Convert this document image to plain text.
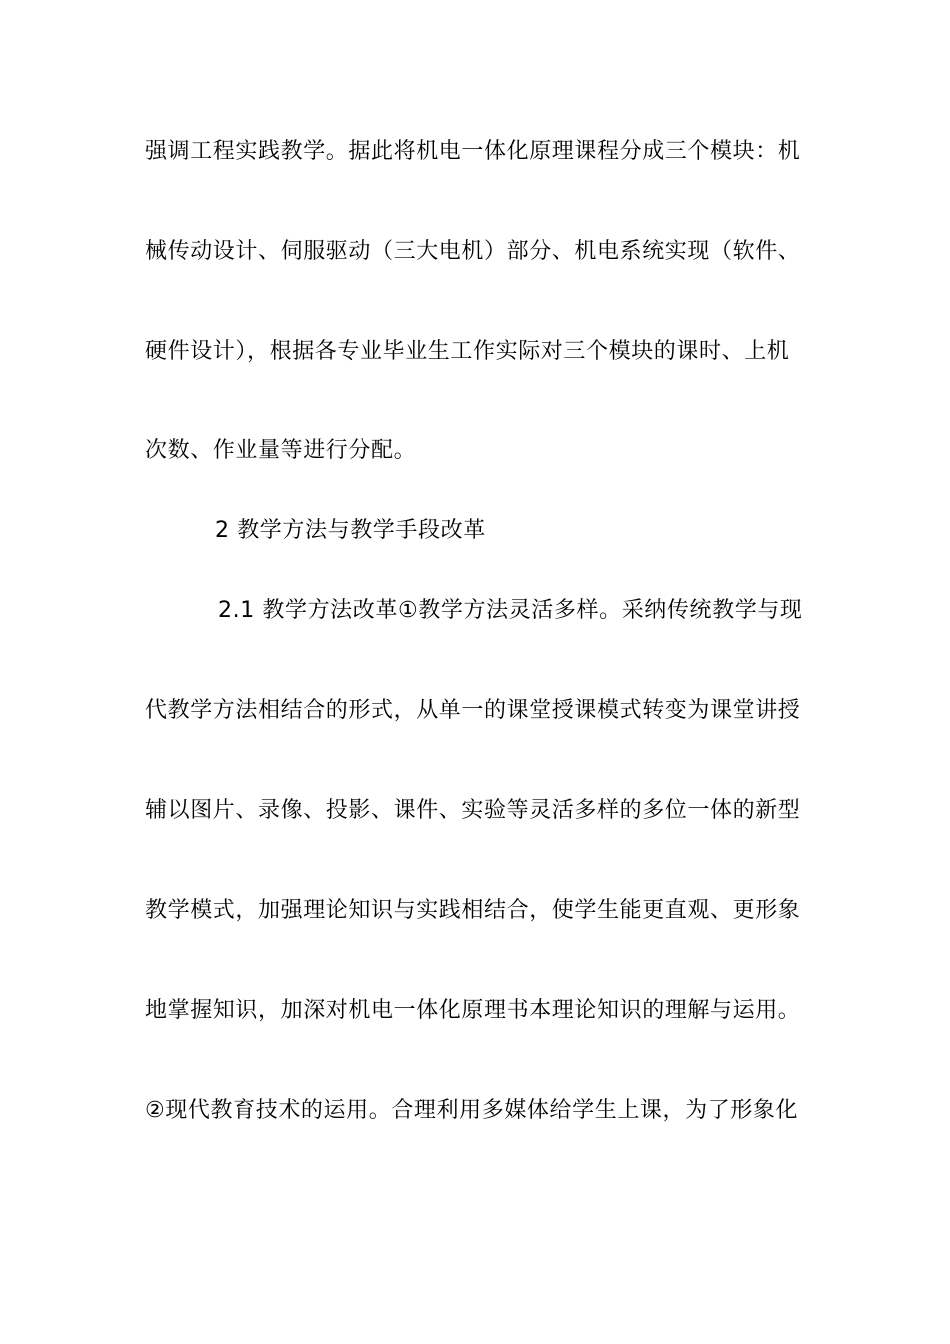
强调工程实践教学。据此将机电一体化原理课程分成三个模块：机
械传动设计、伺服驱动（三大电机）部分、机电系统实现（软件、
硬件设计），根据各专业毕业生工作实际对三个模块的课时、上机
次数、作业量等进行分配。
2 教学方法与教学手段改革
2.1 教学方法改革①教学方法灵活多样。采纳传统教学与现
代教学方法相结合的形式，从单一的课堂授课模式转变为课堂讲授
辅以图片、录像、投影、课件、实验等灵活多样的多位一体的新型
教学模式，加强理论知识与实践相结合，使学生能更直观、更形象
地掌握知识，加深对机电一体化原理书本理论知识的理解与运用。
②现代教育技术的运用。合理利用多媒体给学生上课，为了形象化
